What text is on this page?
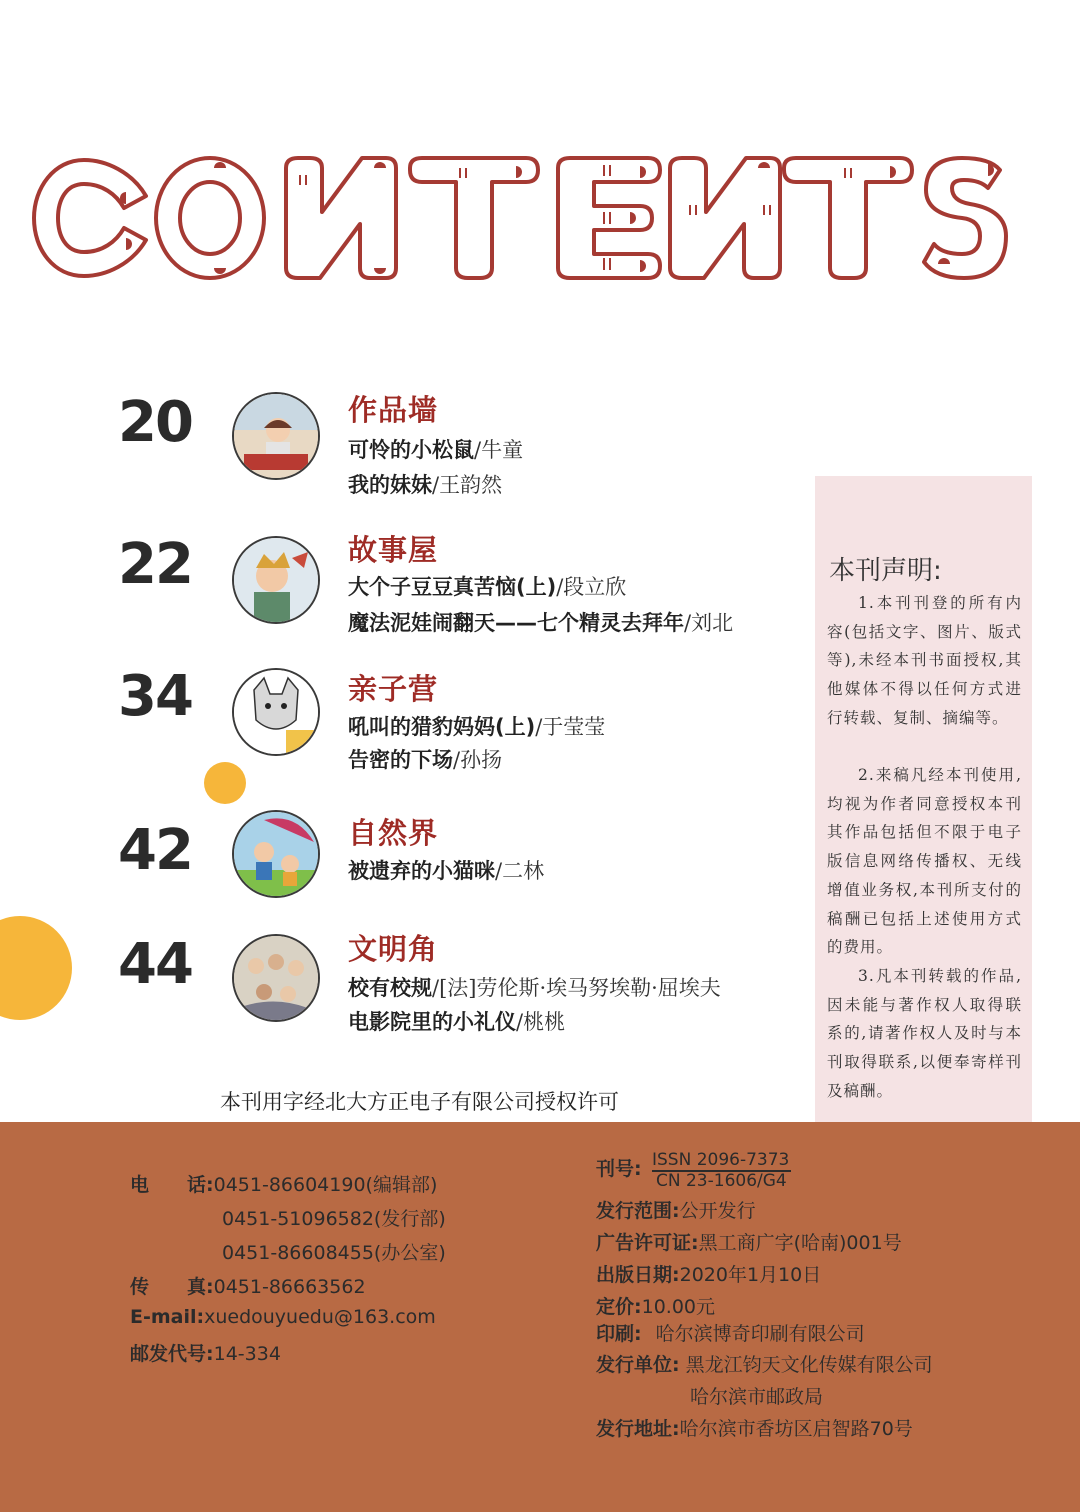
20	作品墙
可怜的小松鼠/牛童
我的妹妹/王韵然
22	故事屋
大个子豆豆真苦恼(上)/段立欣
魔法泥娃闹翻天——七个精灵去拜年/刘北
34	亲子营
吼叫的猎豹妈妈(上)/于莹莹
告密的下场/孙扬
42	自然界
被遗弃的小猫咪/二林
44	文明角
校有校规/[法]劳伦斯·埃马努埃勒·屈埃夫
电影院里的小礼仪/桃桃
本刊声明:
1.本刊刊登的所有内容(包括文字、图片、版式等),未经本刊书面授权,其他媒体不得以任何方式进行转载、复制、摘编等。
2.来稿凡经本刊使用,均视为作者同意授权本刊其作品包括但不限于电子版信息网络传播权、无线增值业务权,本刊所支付的稿酬已包括上述使用方式的费用。
3.凡本刊转载的作品,因未能与著作权人取得联系的,请著作权人及时与本刊取得联系,以便奉寄样刊及稿酬。
本刊用字经北大方正电子有限公司授权许可
电　　话:0451-86604190(编辑部)
0451-51096582(发行部)
0451-86608455(办公室)
传　　真:0451-86663562
E-mail:xuedouyuedu@163.com
邮发代号:14-334
刊号: ISSN 2096-7373
CN 23-1606/G4
发行范围:公开发行
广告许可证:黑工商广字(哈南)001号
出版日期:2020年1月10日
定价:10.00元
印刷: 哈尔滨博奇印刷有限公司
发行单位: 黑龙江钧天文化传媒有限公司
哈尔滨市邮政局
发行地址:哈尔滨市香坊区启智路70号
